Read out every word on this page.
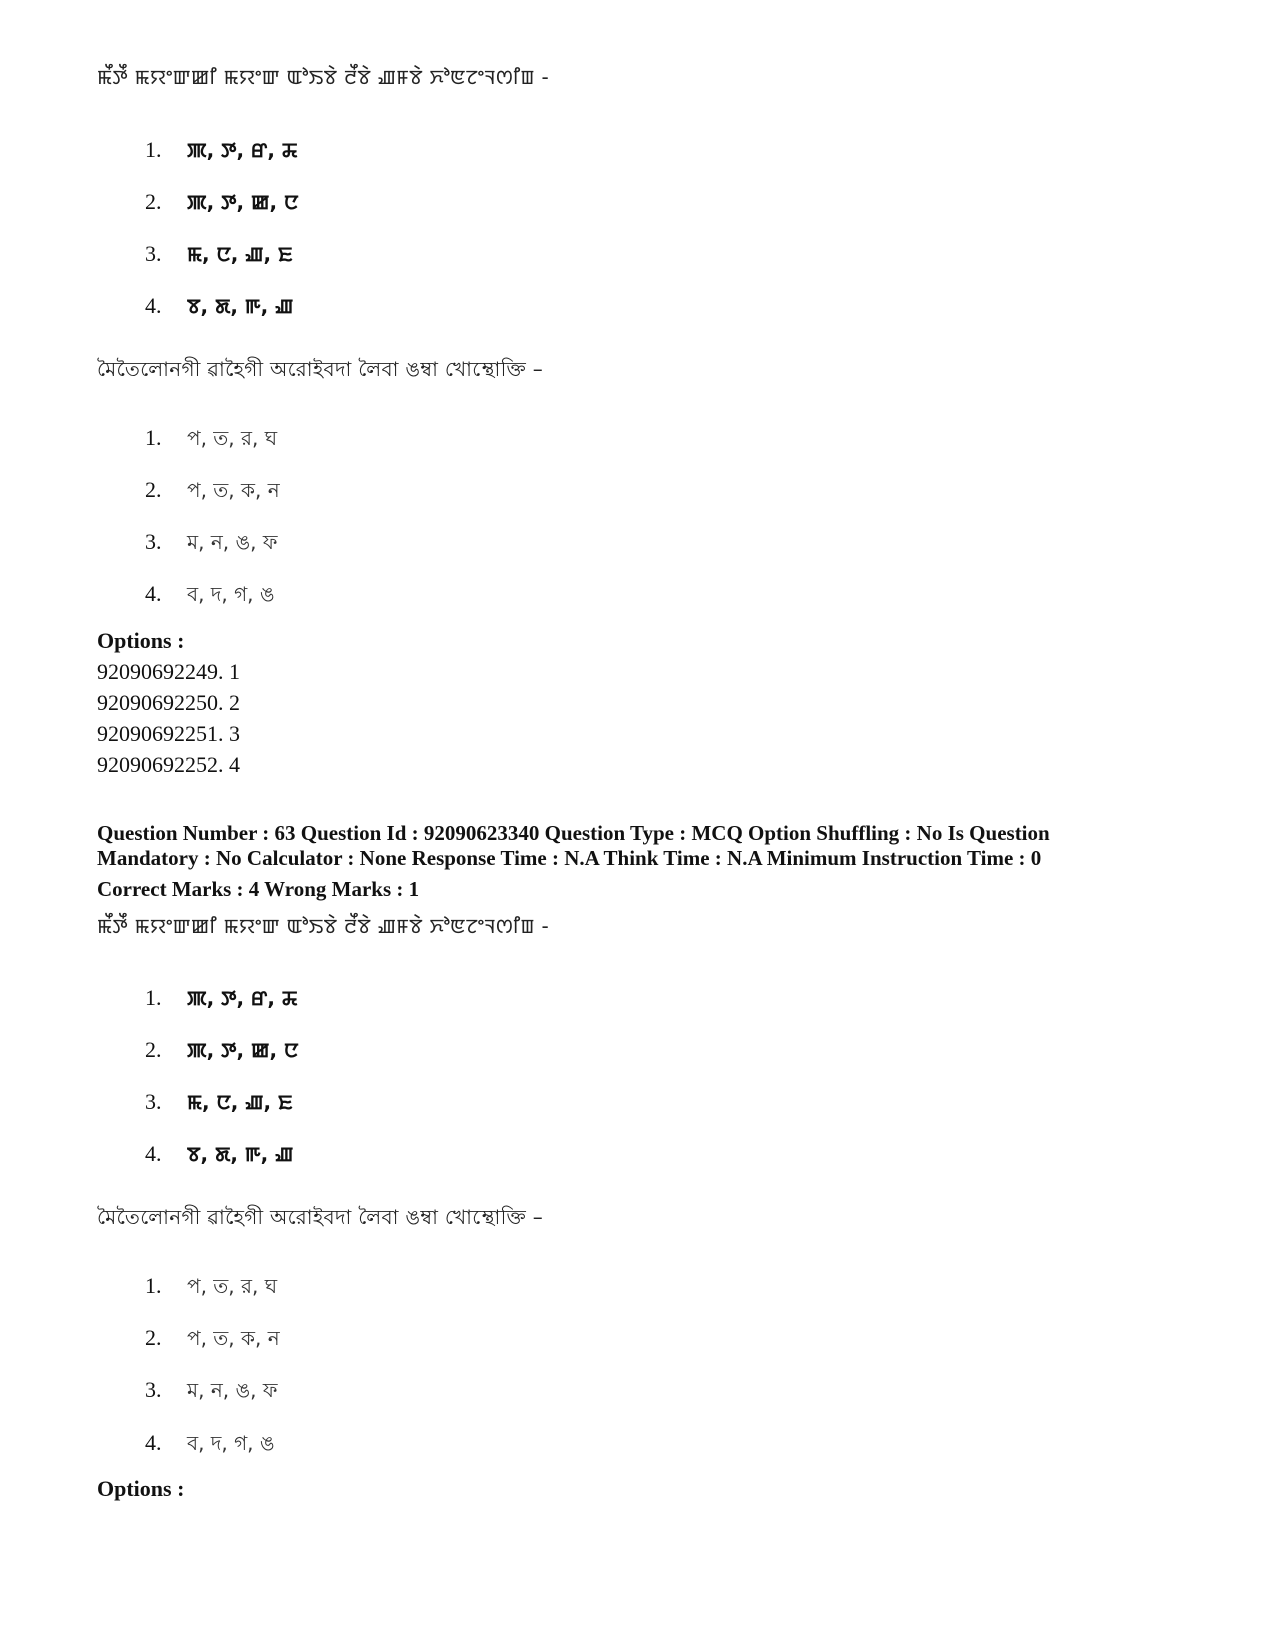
ꯃꯩꯇꯩ ꯃꯌꯦꯛꯀꯤ ꯃꯌꯦꯛ ꯑꯣꯏꯕꯥ ꯂꯩꯕꯥ ꯉꯝꯕꯥ ꯈꯣꯟꯖꯦꯜꯁꯤꯡ -
1. ꯄ, ꯇ, ꯔ, ꯘ
2. ꯄ, ꯇ, ꯀ, ꯅ
3. ꯃ, ꯅ, ꯉ, ꯐ
4. ꯕ, ꯗ, ꯒ, ꯉ
মৈতৈলোনগী ৱাহৈগী অরোইবদা লৈবা ঙম্বা খোম্থোক্তি –
1. প, ত, র, ঘ
2. প, ত, ক, ন
3. ম, ন, ঙ, ফ
4. ব, দ, গ, ঙ
Options :
92090692249. 1
92090692250. 2
92090692251. 3
92090692252. 4
Question Number : 63 Question Id : 92090623340 Question Type : MCQ Option Shuffling : No Is Question
Mandatory : No Calculator : None Response Time : N.A Think Time : N.A Minimum Instruction Time : 0
Correct Marks : 4 Wrong Marks : 1
ꯃꯩꯇꯩ ꯃꯌꯦꯛꯀꯤ ꯃꯌꯦꯛ ꯑꯣꯏꯕꯥ ꯂꯩꯕꯥ ꯉꯝꯕꯥ ꯈꯣꯟꯖꯦꯜꯁꯤꯡ -
1. ꯄ, ꯇ, ꯔ, ꯘ
2. ꯄ, ꯇ, ꯀ, ꯅ
3. ꯃ, ꯅ, ꯉ, ꯐ
4. ꯕ, ꯗ, ꯒ, ꯉ
মৈতৈলোনগী ৱাহৈগী অরোইবদা লৈবা ঙম্বা খোম্থোক্তি –
1. প, ত, র, ঘ
2. প, ত, ক, ন
3. ম, ন, ঙ, ফ
4. ব, দ, গ, ঙ
Options :
